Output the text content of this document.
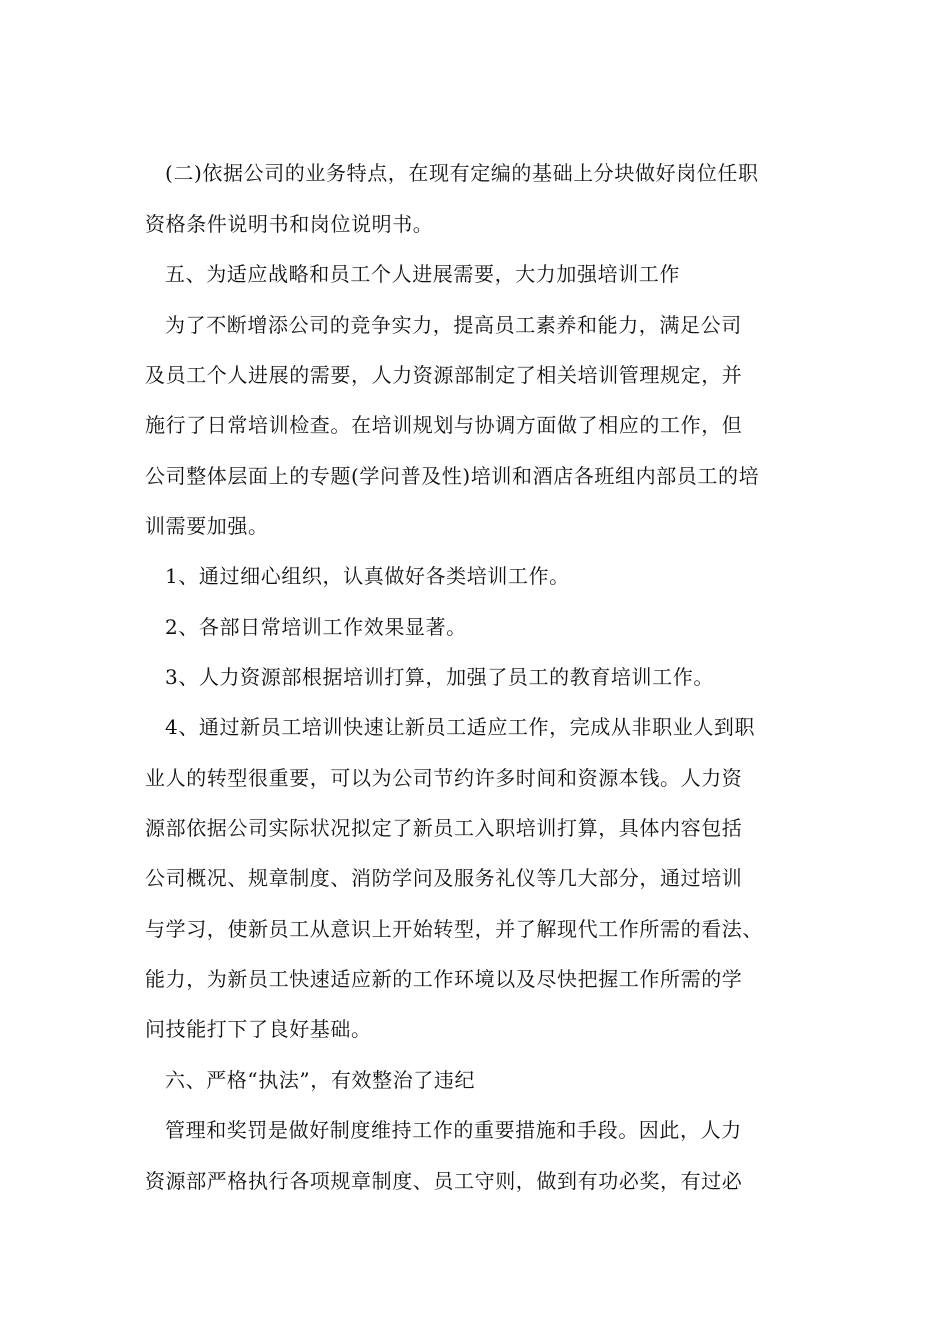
(二)依据公司的业务特点，在现有定编的基础上分块做好岗位任职
资格条件说明书和岗位说明书。
五、为适应战略和员工个人进展需要，大力加强培训工作
为了不断增添公司的竞争实力，提高员工素养和能力，满足公司
及员工个人进展的需要，人力资源部制定了相关培训管理规定，并
施行了日常培训检查。在培训规划与协调方面做了相应的工作，但
公司整体层面上的专题(学问普及性)培训和酒店各班组内部员工的培
训需要加强。
1、通过细心组织，认真做好各类培训工作。
2、各部日常培训工作效果显著。
3、人力资源部根据培训打算，加强了员工的教育培训工作。
4、通过新员工培训快速让新员工适应工作，完成从非职业人到职
业人的转型很重要，可以为公司节约许多时间和资源本钱。人力资
源部依据公司实际状况拟定了新员工入职培训打算，具体内容包括
公司概况、规章制度、消防学问及服务礼仪等几大部分，通过培训
与学习，使新员工从意识上开始转型，并了解现代工作所需的看法、
能力，为新员工快速适应新的工作环境以及尽快把握工作所需的学
问技能打下了良好基础。
六、严格“执法”，有效整治了违纪
管理和奖罚是做好制度维持工作的重要措施和手段。因此，人力
资源部严格执行各项规章制度、员工守则，做到有功必奖，有过必
